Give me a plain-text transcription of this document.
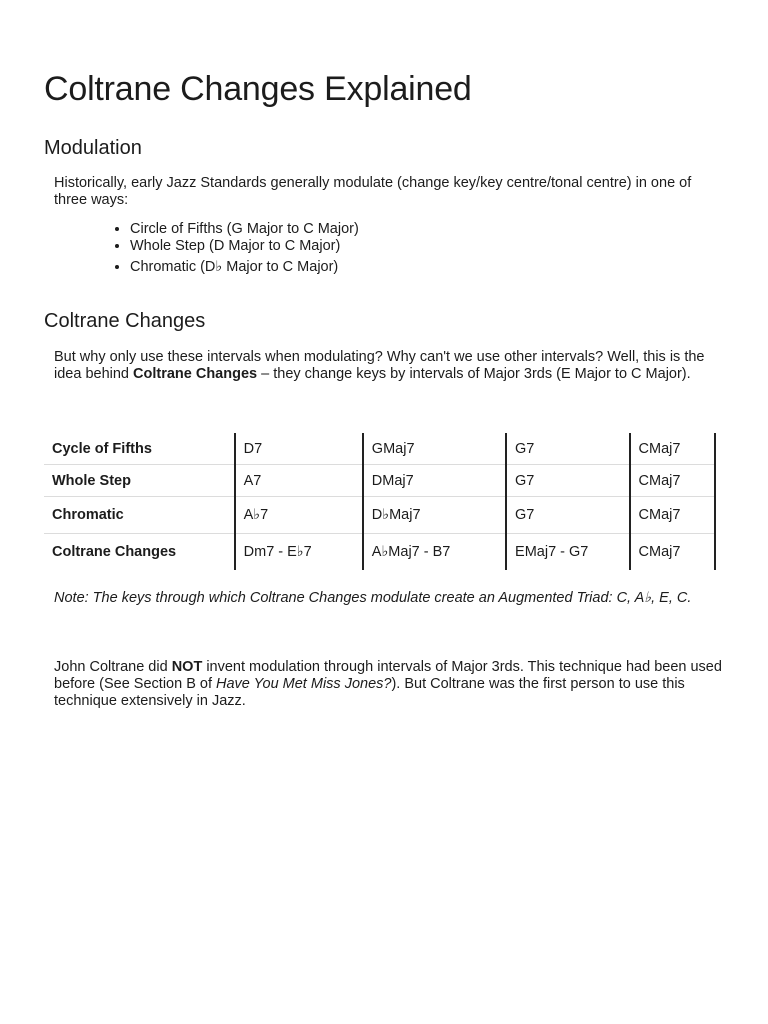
Coltrane Changes Explained
Modulation

Historically, early Jazz Standards generally modulate (change key/key centre/tonal centre) in one of three ways:

• Circle of Fifths (G Major to C Major)
• Whole Step (D Major to C Major)
• Chromatic (D♭ Major to C Major)
Coltrane Changes

But why only use these intervals when modulating? Why can't we use other intervals? Well, this is the idea behind Coltrane Changes – they change keys by intervals of Major 3rds (E Major to C Major).

Cycle of Fifths	D7	GMaj7	G7	CMaj7
Whole Step	A7	DMaj7	G7	CMaj7
Chromatic	A♭7	D♭Maj7	G7	CMaj7
Coltrane Changes	Dm7 - E♭7	A♭Maj7 - B7	EMaj7 - G7	CMaj7

Note: The keys through which Coltrane Changes modulate create an Augmented Triad: C, A♭, E, C.

John Coltrane did NOT invent modulation through intervals of Major 3rds. This technique had been used before (See Section B of Have You Met Miss Jones?). But Coltrane was the first person to use this technique extensively in Jazz.
